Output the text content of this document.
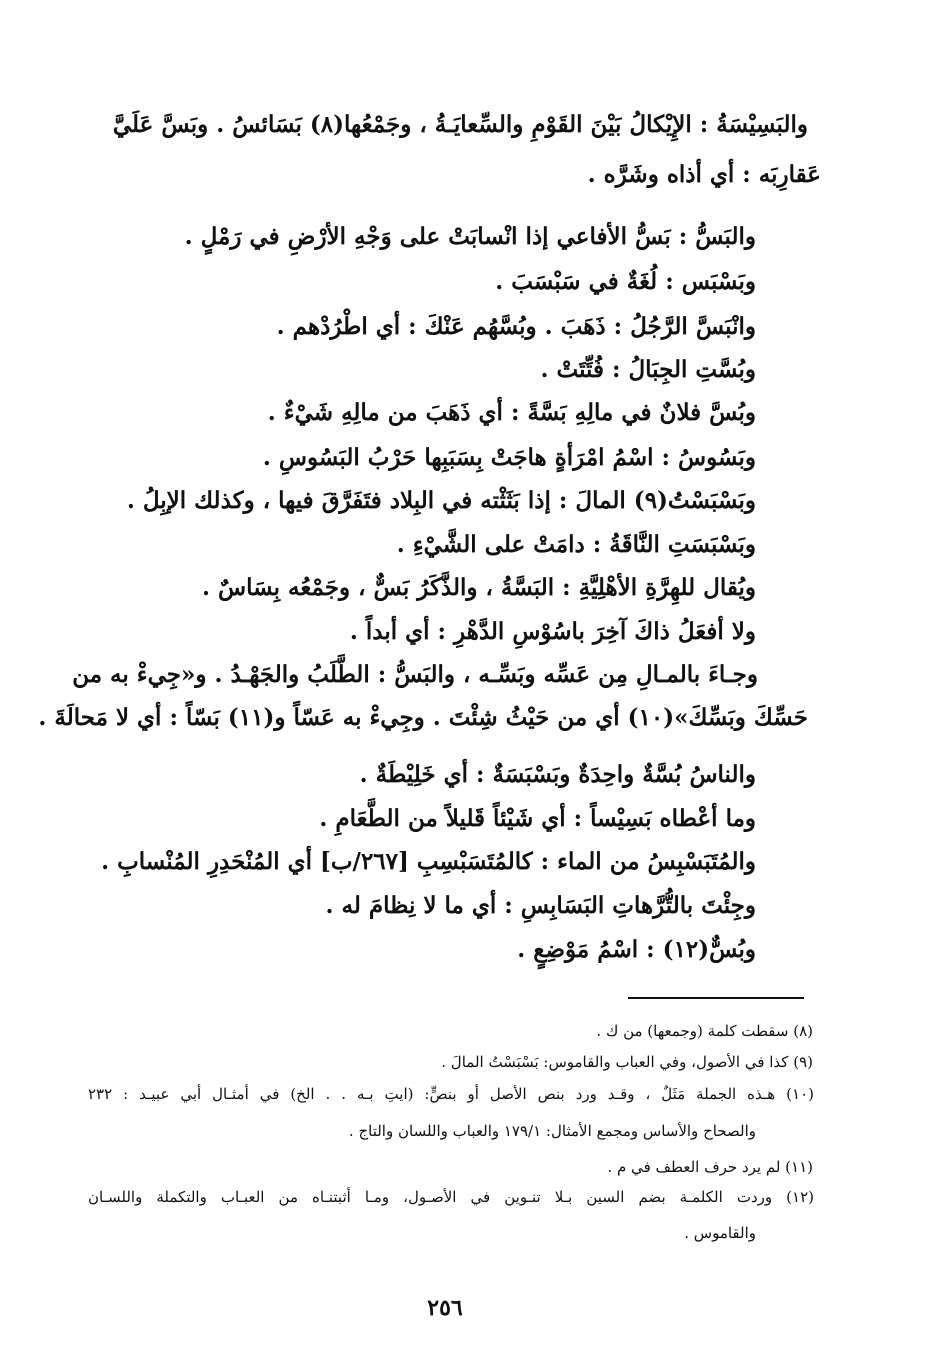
والبَسِيْسَةُ : الإِيْكالُ بَيْنَ القَوْمِ والسِّعايَـةُ ، وجَمْعُها(٨) بَسَائسُ . وبَسَّ عَلَيَّ
عَقارِبَه : أي أذاه وشَرَّه .
والبَسُّ : بَسُّ الأفاعي إذا انْسابَتْ على وَجْهِ الأرْضِ في رَمْلٍ .
وبَسْبَس : لُغَةٌ في سَبْسَبَ .
وانْبَسَّ الرَّجُلُ : ذَهَبَ . وبُسَّهُم عَنْكَ : أي اطْرُدْهم .
وبُسَّتِ الجِبَالُ : فُتِّتَتْ .
وبُسَّ فلانٌ في مالِهِ بَسَّةً : أي ذَهَبَ من مالِهِ شَيْءٌ .
وبَسُوسُ : اسْمُ امْرَأةٍ هاجَتْ بِسَبَبِها حَرْبُ البَسُوسِ .
وبَسْبَسْتُ(٩) المالَ : إذا بَثَثْته في البِلاد فتَفَرَّقَ فيها ، وكذلك الإبِلُ .
وبَسْبَسَتِ النَّاقَةُ : دامَتْ على الشَّيْءِ .
ويُقال للهِرَّةِ الأهْلِيَّةِ : البَسَّةُ ، والذَّكَرُ بَسٌّ ، وجَمْعُه بِسَاسٌ .
ولا أفعَلُ ذاكَ آخِرَ باسُوْسِ الدَّهْرِ : أي أبداً .
وجـاءَ بالمـالِ مِن عَسِّه وبَسِّـه ، والبَسُّ : الطَّلَبُ والجَهْـدُ . و«جِيءْ به من
حَسِّكَ وبَسِّكَ»(١٠) أي من حَيْثُ شِئْتَ . وجِيءْ به عَسّاً و(١١) بَسّاً : أي لا مَحالَةَ .
والناسُ بُسَّةٌ واحِدَةٌ وبَسْبَسَةٌ : أي خَلِيْطَةٌ .
وما أعْطاه بَسِيْساً : أي شَيْئاً قَليلاً من الطَّعَامِ .
والمُتَبَسْبِسُ من الماء : كالمُتَسَبْسِبِ [٢٦٧/ب] أي المُنْحَدِرِ المُنْسابِ .
وجِئْتَ بالتُّرَّهاتِ البَسَابِسِ : أي ما لا نِظامَ له .
وبُسٌّ(١٢) : اسْمُ مَوْضِعٍ .
(٨) سقطت كلمة (وجمعها) من ك .
(٩) كذا في الأصول، وفي العباب والقاموس: بَسْبَسْتُ المالَ .
(١٠) هـذه الجملة مَثَلٌ ، وقـد ورد بنص الأصل أو بنصٍّ: (ايتِ بـه . . الخ) في أمثـال أبي عبيـد : ٢٣٢
والصحاح والأساس ومجمع الأمثال: ١٧٩/١ والعباب واللسان والتاج .
(١١) لم يرد حرف العطف في م .
(١٢) وردت الكلمـة بضم السين بـلا تنـوين في الأصـول، ومـا أثبتنـاه من العبـاب والتكملة واللسـان
والقاموس .
٢٥٦
